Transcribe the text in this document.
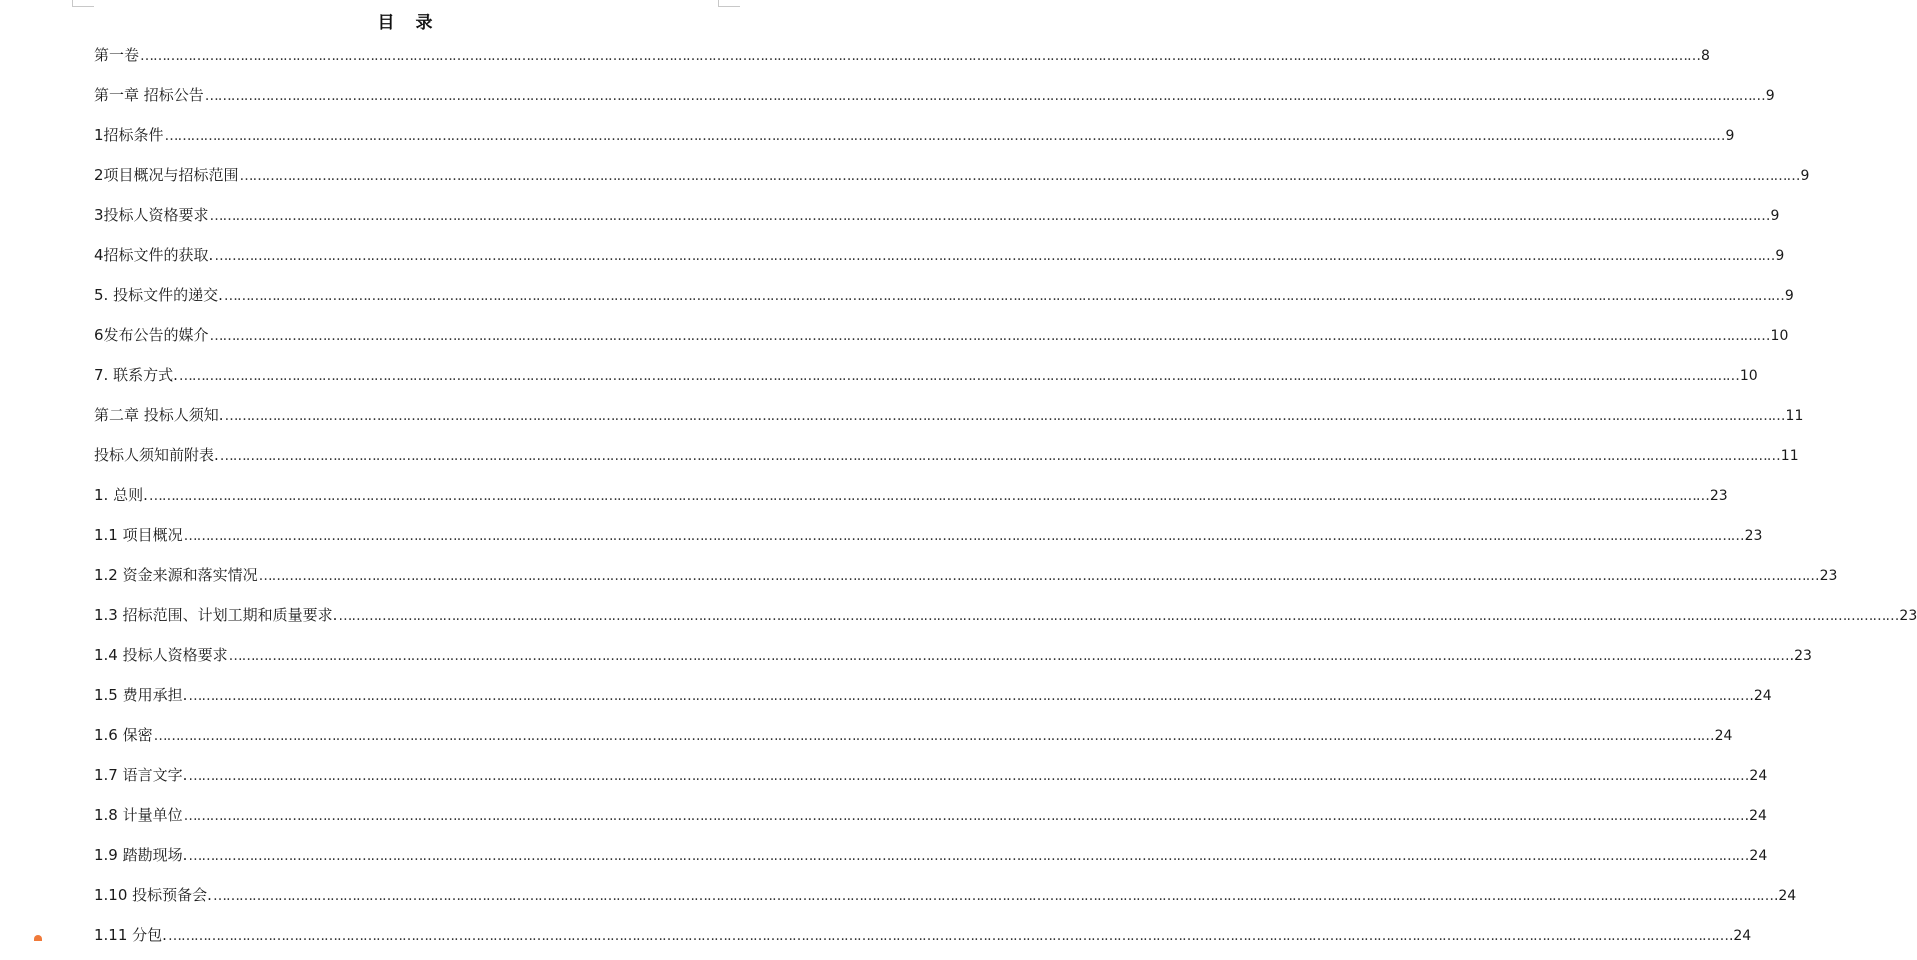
目　录
第一卷 ……………………………………………………………………………………………………………………………………………………………………………………………………………………………………………………………………………………………………………………………… 8
第一章 招标公告 ……………………………………………………………………………………………………………………………………………………………………………………………………………………………………………………………………………………………………………………………… 9
1招标条件 ……………………………………………………………………………………………………………………………………………………………………………………………………………………………………………………………………………………………………………………………… 9
2项目概况与招标范围 ……………………………………………………………………………………………………………………………………………………………………………………………………………………………………………………………………………………………………………………………… 9
3投标人资格要求 ……………………………………………………………………………………………………………………………………………………………………………………………………………………………………………………………………………………………………………………………… 9
4招标文件的获取. ……………………………………………………………………………………………………………………………………………………………………………………………………………………………………………………………………………………………………………………………… 9
5. 投标文件的递交. ……………………………………………………………………………………………………………………………………………………………………………………………………………………………………………………………………………………………………………………………… 9
6发布公告的媒介 ……………………………………………………………………………………………………………………………………………………………………………………………………………………………………………………………………………………………………………………………… 10
7. 联系方式. ……………………………………………………………………………………………………………………………………………………………………………………………………………………………………………………………………………………………………………………………… 10
第二章 投标人须知. ……………………………………………………………………………………………………………………………………………………………………………………………………………………………………………………………………………………………………………………………… 11
投标人须知前附表. ……………………………………………………………………………………………………………………………………………………………………………………………………………………………………………………………………………………………………………………………… 11
1. 总则. ……………………………………………………………………………………………………………………………………………………………………………………………………………………………………………………………………………………………………………………………… 23
1.1 项目概况 ……………………………………………………………………………………………………………………………………………………………………………………………………………………………………………………………………………………………………………………………… 23
1.2 资金来源和落实情况 ……………………………………………………………………………………………………………………………………………………………………………………………………………………………………………………………………………………………………………………………… 23
1.3 招标范围、计划工期和质量要求. ……………………………………………………………………………………………………………………………………………………………………………………………………………………………………………………………………………………………………………………………… 23
1.4 投标人资格要求 ……………………………………………………………………………………………………………………………………………………………………………………………………………………………………………………………………………………………………………………………… .23
1.5 费用承担. ……………………………………………………………………………………………………………………………………………………………………………………………………………………………………………………………………………………………………………………………… .24
1.6 保密 ……………………………………………………………………………………………………………………………………………………………………………………………………………………………………………………………………………………………………………………………… 24
1.7 语言文字. ……………………………………………………………………………………………………………………………………………………………………………………………………………………………………………………………………………………………………………………………… 24
1.8 计量单位 ……………………………………………………………………………………………………………………………………………………………………………………………………………………………………………………………………………………………………………………………… .24
1.9 踏勘现场. ……………………………………………………………………………………………………………………………………………………………………………………………………………………………………………………………………………………………………………………………… 24
1.10 投标预备会. ……………………………………………………………………………………………………………………………………………………………………………………………………………………………………………………………………………………………………………………………… .24
1.11 分包. ……………………………………………………………………………………………………………………………………………………………………………………………………………………………………………………………………………………………………………………………… .24
